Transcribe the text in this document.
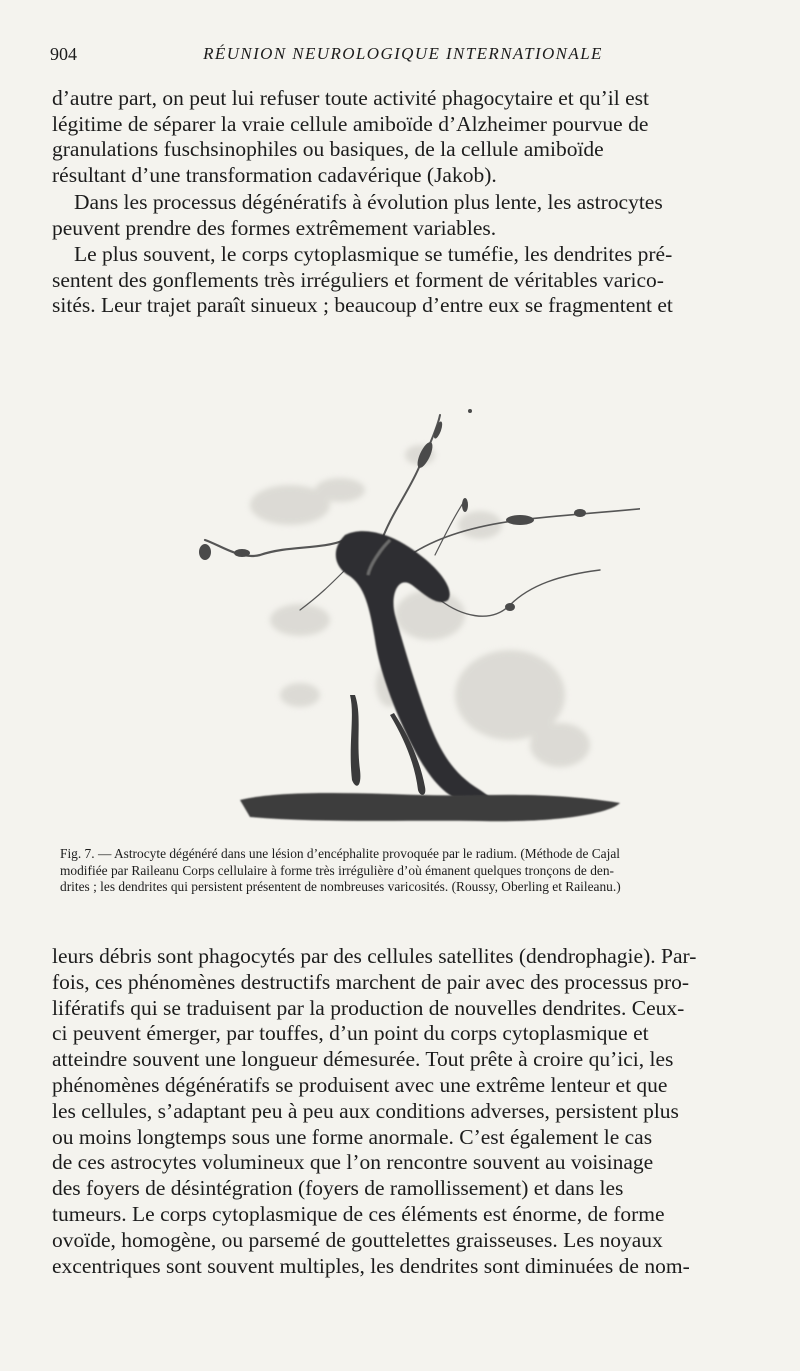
904	RÉUNION NEUROLOGIQUE INTERNATIONALE

d’autre part, on peut lui refuser toute activité phagocytaire et qu’il est
légitime de séparer la vraie cellule amiboïde d’Alzheimer pourvue de
granulations fuschsinophiles ou basiques, de la cellule amiboïde
résultant d’une transformation cadavérique (Jakob).

Dans les processus dégénératifs à évolution plus lente, les astrocytes
peuvent prendre des formes extrêmement variables.

Le plus souvent, le corps cytoplasmique se tuméfie, les dendrites pré-
sentent des gonflements très irréguliers et forment de véritables varico-
sités. Leur trajet paraît sinueux ; beaucoup d’entre eux se fragmentent et

Fig. 7. — Astrocyte dégénéré dans une lésion d’encéphalite provoquée par le radium. (Méthode de Cajal
modifiée par Raileanu Corps cellulaire à forme très irrégulière d’où émanent quelques tronçons de den-
drites ; les dendrites qui persistent présentent de nombreuses varicosités. (Roussy, Oberling et Raileanu.)

leurs débris sont phagocytés par des cellules satellites (dendrophagie). Par-
fois, ces phénomènes destructifs marchent de pair avec des processus pro-
lifératifs qui se traduisent par la production de nouvelles dendrites. Ceux-
ci peuvent émerger, par touffes, d’un point du corps cytoplasmique et
atteindre souvent une longueur démesurée. Tout prête à croire qu’ici, les
phénomènes dégénératifs se produisent avec une extrême lenteur et que
les cellules, s’adaptant peu à peu aux conditions adverses, persistent plus
ou moins longtemps sous une forme anormale. C’est également le cas
de ces astrocytes volumineux que l’on rencontre souvent au voisinage
des foyers de désintégration (foyers de ramollissement) et dans les
tumeurs. Le corps cytoplasmique de ces éléments est énorme, de forme
ovoïde, homogène, ou parsemé de gouttelettes graisseuses. Les noyaux
excentriques sont souvent multiples, les dendrites sont diminuées de nom-
